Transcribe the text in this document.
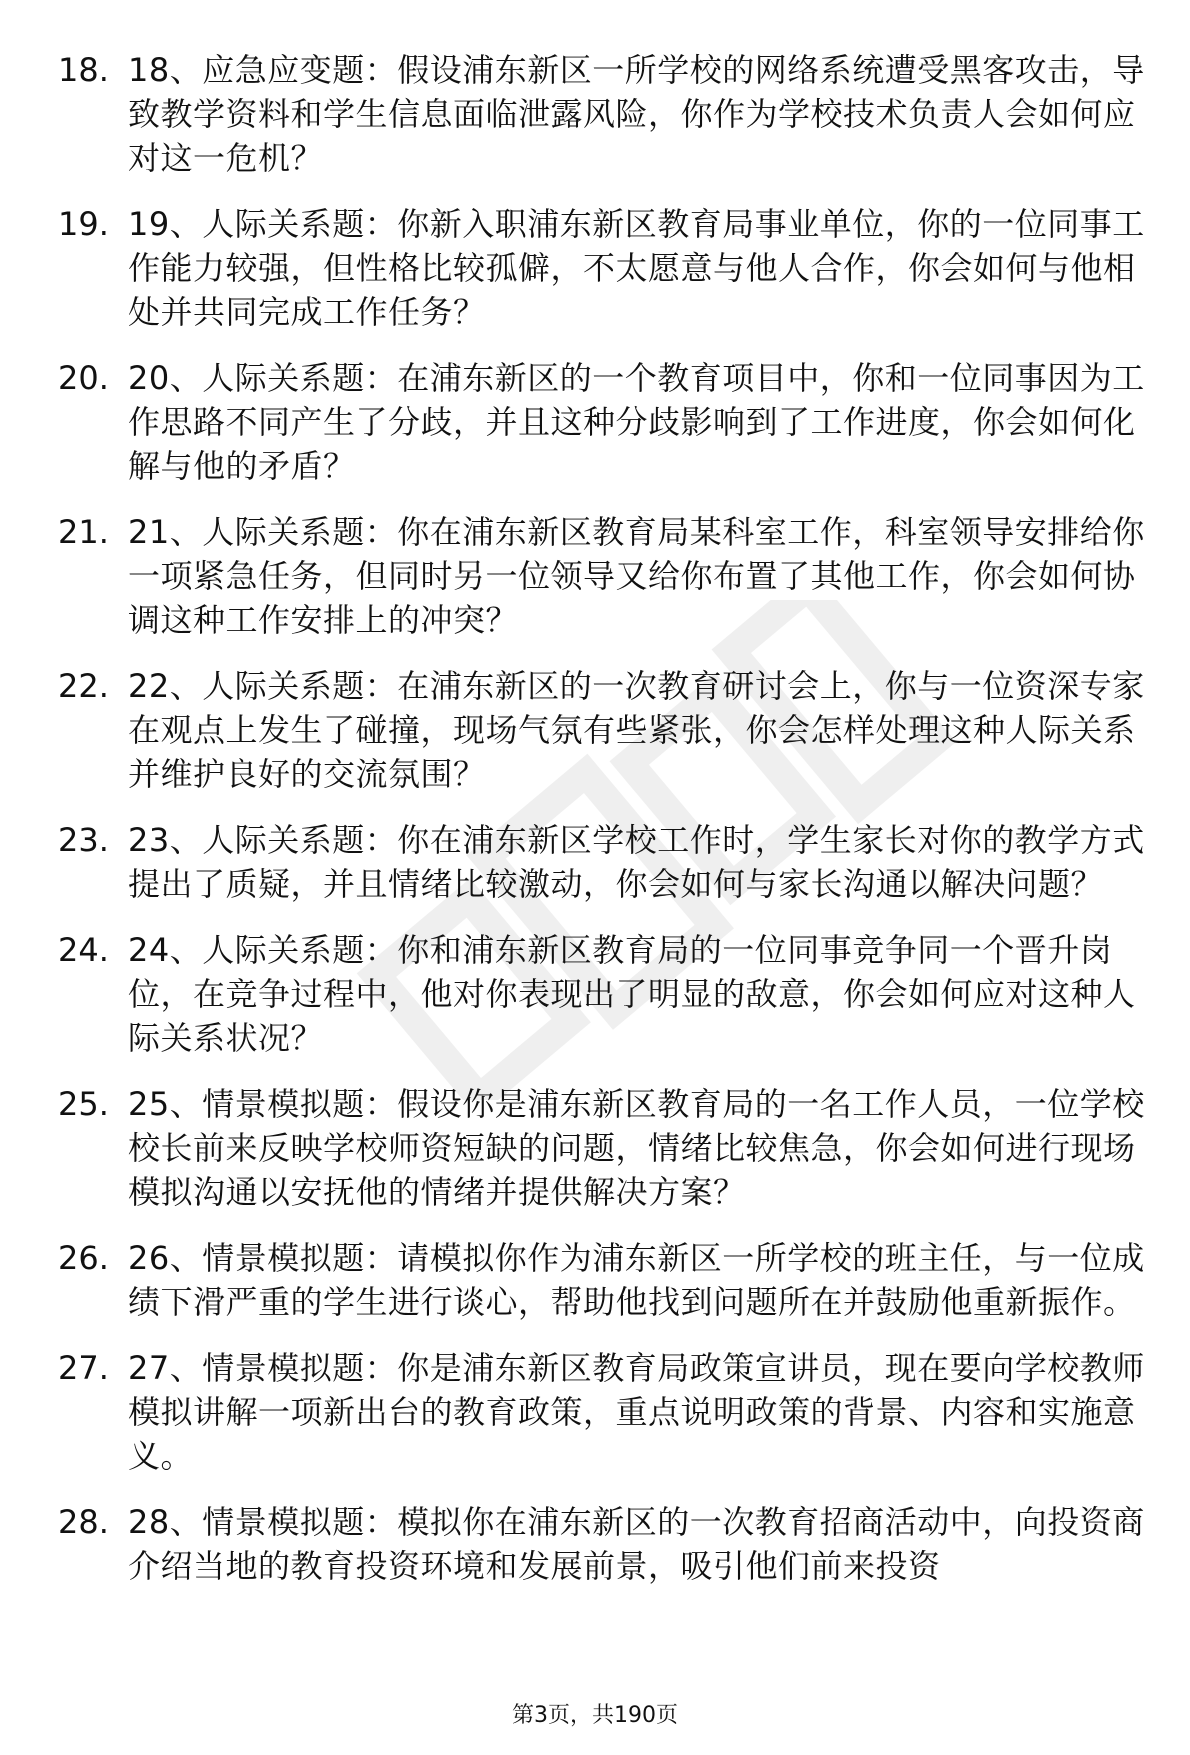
18. 18、应急应变题：假设浦东新区一所学校的网络系统遭受黑客攻击，导致教学资料和学生信息面临泄露风险，你作为学校技术负责人会如何应对这一危机？
19. 19、人际关系题：你新入职浦东新区教育局事业单位，你的一位同事工作能力较强，但性格比较孤僻，不太愿意与他人合作，你会如何与他相处并共同完成工作任务？
20. 20、人际关系题：在浦东新区的一个教育项目中，你和一位同事因为工作思路不同产生了分歧，并且这种分歧影响到了工作进度，你会如何化解与他的矛盾？
21. 21、人际关系题：你在浦东新区教育局某科室工作，科室领导安排给你一项紧急任务，但同时另一位领导又给你布置了其他工作，你会如何协调这种工作安排上的冲突？
22. 22、人际关系题：在浦东新区的一次教育研讨会上，你与一位资深专家在观点上发生了碰撞，现场气氛有些紧张，你会怎样处理这种人际关系并维护良好的交流氛围？
23. 23、人际关系题：你在浦东新区学校工作时，学生家长对你的教学方式提出了质疑，并且情绪比较激动，你会如何与家长沟通以解决问题？
24. 24、人际关系题：你和浦东新区教育局的一位同事竞争同一个晋升岗位，在竞争过程中，他对你表现出了明显的敌意，你会如何应对这种人际关系状况？
25. 25、情景模拟题：假设你是浦东新区教育局的一名工作人员，一位学校校长前来反映学校师资短缺的问题，情绪比较焦急，你会如何进行现场模拟沟通以安抚他的情绪并提供解决方案？
26. 26、情景模拟题：请模拟你作为浦东新区一所学校的班主任，与一位成绩下滑严重的学生进行谈心，帮助他找到问题所在并鼓励他重新振作。
27. 27、情景模拟题：你是浦东新区教育局政策宣讲员，现在要向学校教师模拟讲解一项新出台的教育政策，重点说明政策的背景、内容和实施意义。
28. 28、情景模拟题：模拟你在浦东新区的一次教育招商活动中，向投资商介绍当地的教育投资环境和发展前景，吸引他们前来投资
第3页，共190页
